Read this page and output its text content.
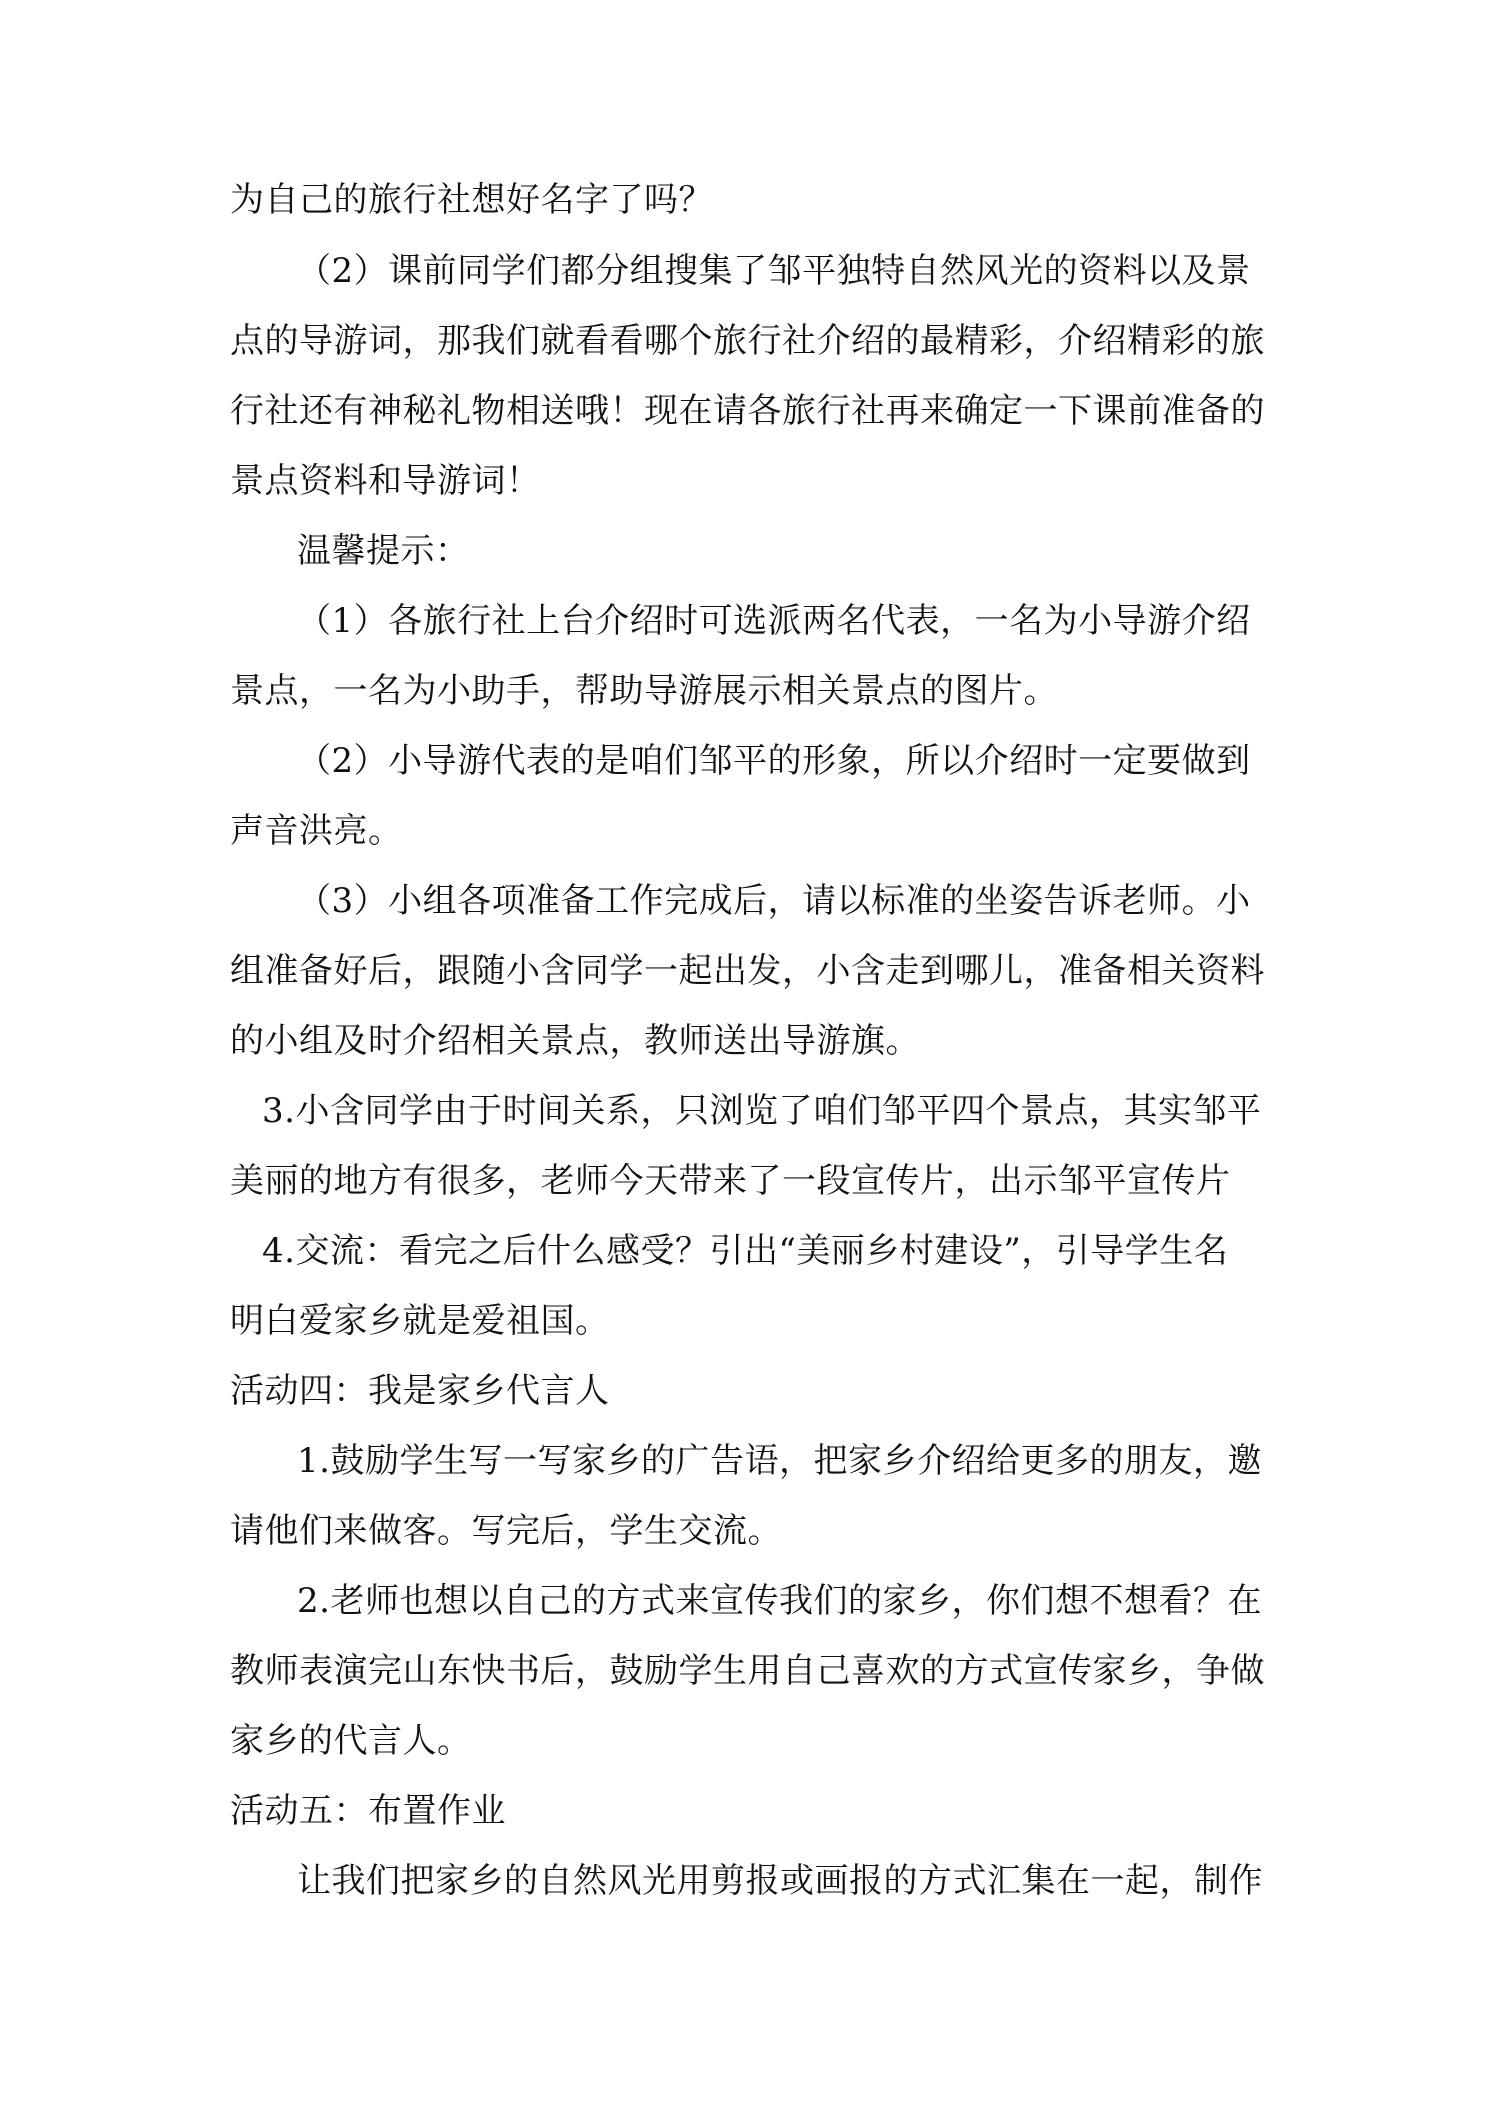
为自己的旅行社想好名字了吗？
（2）课前同学们都分组搜集了邹平独特自然风光的资料以及景
点的导游词，那我们就看看哪个旅行社介绍的最精彩，介绍精彩的旅
行社还有神秘礼物相送哦！现在请各旅行社再来确定一下课前准备的
景点资料和导游词！
温馨提示：
（1）各旅行社上台介绍时可选派两名代表，一名为小导游介绍
景点，一名为小助手，帮助导游展示相关景点的图片。
（2）小导游代表的是咱们邹平的形象，所以介绍时一定要做到
声音洪亮。
（3）小组各项准备工作完成后，请以标准的坐姿告诉老师。小
组准备好后，跟随小含同学一起出发，小含走到哪儿，准备相关资料
的小组及时介绍相关景点，教师送出导游旗。
3.小含同学由于时间关系，只浏览了咱们邹平四个景点，其实邹平
美丽的地方有很多，老师今天带来了一段宣传片，出示邹平宣传片
4.交流：看完之后什么感受？引出“美丽乡村建设”，引导学生名
明白爱家乡就是爱祖国。
活动四：我是家乡代言人
1.鼓励学生写一写家乡的广告语，把家乡介绍给更多的朋友，邀
请他们来做客。写完后，学生交流。
2.老师也想以自己的方式来宣传我们的家乡，你们想不想看？在
教师表演完山东快书后，鼓励学生用自己喜欢的方式宣传家乡，争做
家乡的代言人。
活动五：布置作业
让我们把家乡的自然风光用剪报或画报的方式汇集在一起，制作
